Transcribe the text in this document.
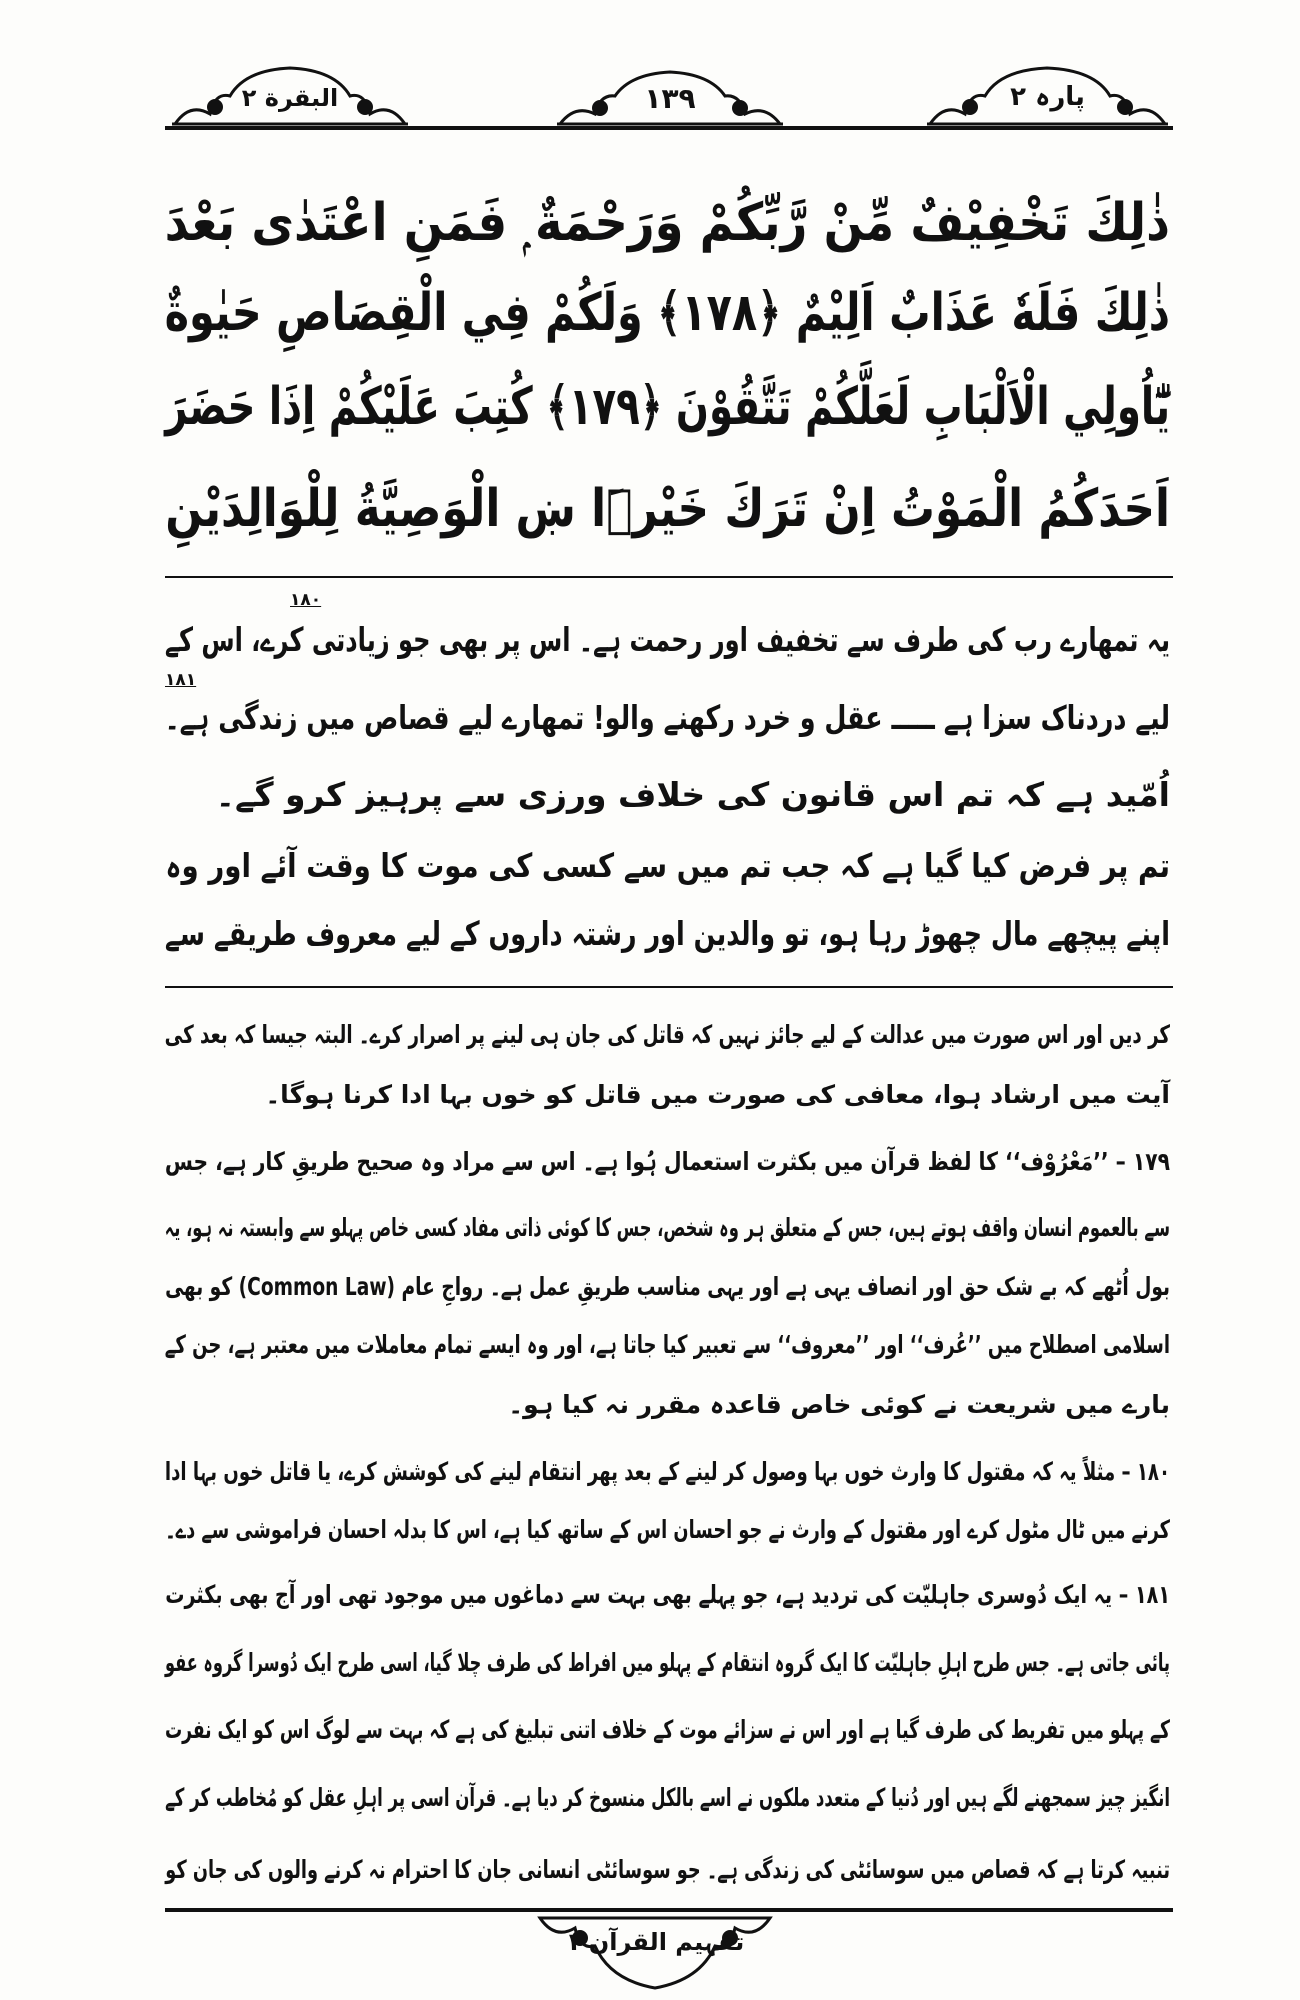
البقرة ۲	۱۳۹	پارہ ۲
ذٰلِكَ تَخْفِيْفٌ مِّنْ رَّبِّكُمْ وَرَحْمَةٌ ۭ فَمَنِ اعْتَدٰى بَعْدَ
ذٰلِكَ فَلَهٗ عَذَابٌ اَلِيْمٌ ﴿۱۷۸﴾ وَلَكُمْ فِي الْقِصَاصِ حَيٰوةٌ
يّٰٓاُولِي الْاَلْبَابِ لَعَلَّكُمْ تَتَّقُوْنَ ﴿۱۷۹﴾ كُتِبَ عَلَيْكُمْ اِذَا حَضَرَ
اَحَدَكُمُ الْمَوْتُ اِنْ تَرَكَ خَيْرَۨا ښ الْوَصِيَّةُ لِلْوَالِدَيْنِ
۱۸۰
۱۸۱
یہ تمھارے رب کی طرف سے تخفیف اور رحمت ہے۔ اس پر بھی جو زیادتی کرے، اس کے
لیے دردناک سزا ہے ـــــ عقل و خرد رکھنے والو! تمھارے لیے قصاص میں زندگی ہے۔
اُمّید ہے کہ تم اس قانون کی خلاف ورزی سے پرہیز کرو گے۔
تم پر فرض کیا گیا ہے کہ جب تم میں سے کسی کی موت کا وقت آئے اور وہ
اپنے پیچھے مال چھوڑ رہا ہو، تو والدین اور رشتہ داروں کے لیے معروف طریقے سے
کر دیں اور اس صورت میں عدالت کے لیے جائز نہیں کہ قاتل کی جان ہی لینے پر اصرار کرے۔ البتہ جیسا کہ بعد کی
آیت میں ارشاد ہوا، معافی کی صورت میں قاتل کو خوں بہا ادا کرنا ہوگا۔
۱۷۹ – ’’مَعْرُوْف‘‘ کا لفظ قرآن میں بکثرت استعمال ہُوا ہے۔ اس سے مراد وہ صحیح طریقِ کار ہے، جس
سے بالعموم انسان واقف ہوتے ہیں، جس کے متعلق ہر وہ شخص، جس کا کوئی ذاتی مفاد کسی خاص پہلو سے وابستہ نہ ہو، یہ
بول اُٹھے کہ بے شک حق اور انصاف یہی ہے اور یہی مناسب طریقِ عمل ہے۔ رواجِ عام (Common Law) کو بھی
اسلامی اصطلاح میں ’’عُرف‘‘ اور ’’معروف‘‘ سے تعبیر کیا جاتا ہے، اور وہ ایسے تمام معاملات میں معتبر ہے، جن کے
بارے میں شریعت نے کوئی خاص قاعدہ مقرر نہ کیا ہو۔
۱۸۰ – مثلاً یہ کہ مقتول کا وارث خوں بہا وصول کر لینے کے بعد پھر انتقام لینے کی کوشش کرے، یا قاتل خوں بہا ادا
کرنے میں ٹال مٹول کرے اور مقتول کے وارث نے جو احسان اس کے ساتھ کیا ہے، اس کا بدلہ احسان فراموشی سے دے۔
۱۸۱ – یہ ایک دُوسری جاہلیّت کی تردید ہے، جو پہلے بھی بہت سے دماغوں میں موجود تھی اور آج بھی بکثرت
پائی جاتی ہے۔ جس طرح اہلِ جاہلیّت کا ایک گروہ انتقام کے پہلو میں افراط کی طرف چلا گیا، اسی طرح ایک دُوسرا گروہ عفو
کے پہلو میں تفریط کی طرف گیا ہے اور اس نے سزائے موت کے خلاف اتنی تبلیغ کی ہے کہ بہت سے لوگ اس کو ایک نفرت
انگیز چیز سمجھنے لگے ہیں اور دُنیا کے متعدد ملکوں نے اسے بالکل منسوخ کر دیا ہے۔ قرآن اسی پر اہلِ عقل کو مُخاطب کر کے
تنبیہ کرتا ہے کہ قصاص میں سوسائٹی کی زندگی ہے۔ جو سوسائٹی انسانی جان کا احترام نہ کرنے والوں کی جان کو
تفہیم القرآن ۱
